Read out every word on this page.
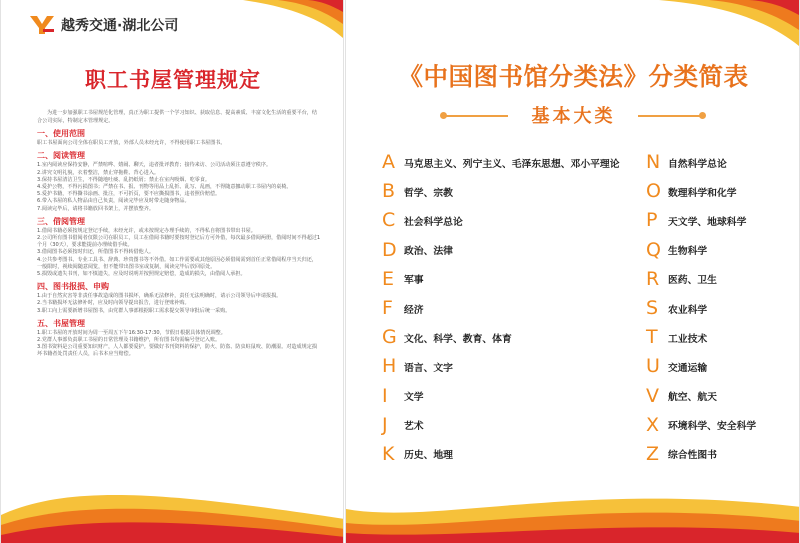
越秀交通·湖北公司
职工书屋管理规定
为进一步加强职工书屋规范化管理，真正为职工提供一个学习知识、获取信息、提高素质、丰富文化生活的重要平台，结合公司实际，特制定本管理规定。
一、使用范围
职工书屋面向公司全体在职员工开放，外部人员未经允许，不得使用职工书屋图书。
二、阅读管理
1.室内阅读应保持安静，严禁喧哗、嬉闹、聊天，违者批评教育；接待来访、公司活动须注意遵守秩序。
2.讲究文明礼貌，衣着整洁，禁止穿拖鞋、背心进入。
3.保持书屋清洁卫生，不得随地吐痰、乱扔纸屑；禁止在室内吸烟、吃零食。
4.爱护公物，不得污损图书；严禁在书、报、刊物等用品上乱折、乱写、乱画，不得随意挪动职工书屋内的桌椅。
5.爱护书籍，不得撕书涂画、批注，不可折页，要不应撕损图书，违者照价赔偿。
6.带入书屋的私人物品由自己负责，阅读完毕应及时带走随身物品。
7.阅读完毕后，请将书籍放回书架上，并摆放整齐。
三、借阅管理
1.借阅书籍必须按规定登记手续，未经允许，或未按规定办理手续的，不得私自将图书带出书屋。
2.公司所有图书借阅者仅限公司在职员工，员工在借阅书籍时要按时登记后方可外借，每次最多借阅两册，借阅时间不得超过1个月（30天），要求能提前办理续借手续。
3.借阅图书必须按时归还，所借图书不得转借他人。
4.公共参考图书、专业工具书、辞典、珍贵图书等不外借。如工作需要或其他原因必须借阅需到首任正常借阅程序当天归还，一般限时，视续阅随意阅览，但不能带出图书室或复制，阅读完毕后放回原处。
5.损毁或遗失书刊，如不慎遗失，应及时说明并按照规定赔偿，造成的损失，由借阅人承担。
四、图书报损、申购
1.由于自然灾害等非责任事故造成的图书损坏，确系无法修补，责任无法明确时，请示公司领导后申请报损。
2.当书籍损坏无法修补时，应及时向领导提出报告，进行登账补购。
3.职工向上需要新增书屋图书，由党群人事部根据职工需求提交领导审批后统一采购。
五、书屋管理
1.职工书屋的开放时间为周一至周五下午16:30-17:30，节假日根据具体情况调整。
2.党群人事部负责职工书屋的日常管理及书籍维护，所有图书均需编号登记入账。
3.图书资料是公司重要知识财产，人人都要爱护。要做好书刊资料的保护，防火、防盗、防虫蛀鼠咬、防潮湿。对造成规定损坏书籍者处罚责任人员，后书本应当赔偿。
《中国图书馆分类法》分类简表
基本大类
A 马克思主义、列宁主义、毛泽东思想、邓小平理论
B 哲学、宗教
C 社会科学总论
D 政治、法律
E	军事
F	经济
G 文化、科学、教育、体育
H 语言、文字
I	文学
J	艺术
K 历史、地理
N 自然科学总论
O 数理科学和化学
P	天文学、地球科学
Q 生物科学
R 医药、卫生
S	农业科学
T	工业技术
U 交通运输
V 航空、航天
X 环境科学、安全科学
Z 综合性图书
